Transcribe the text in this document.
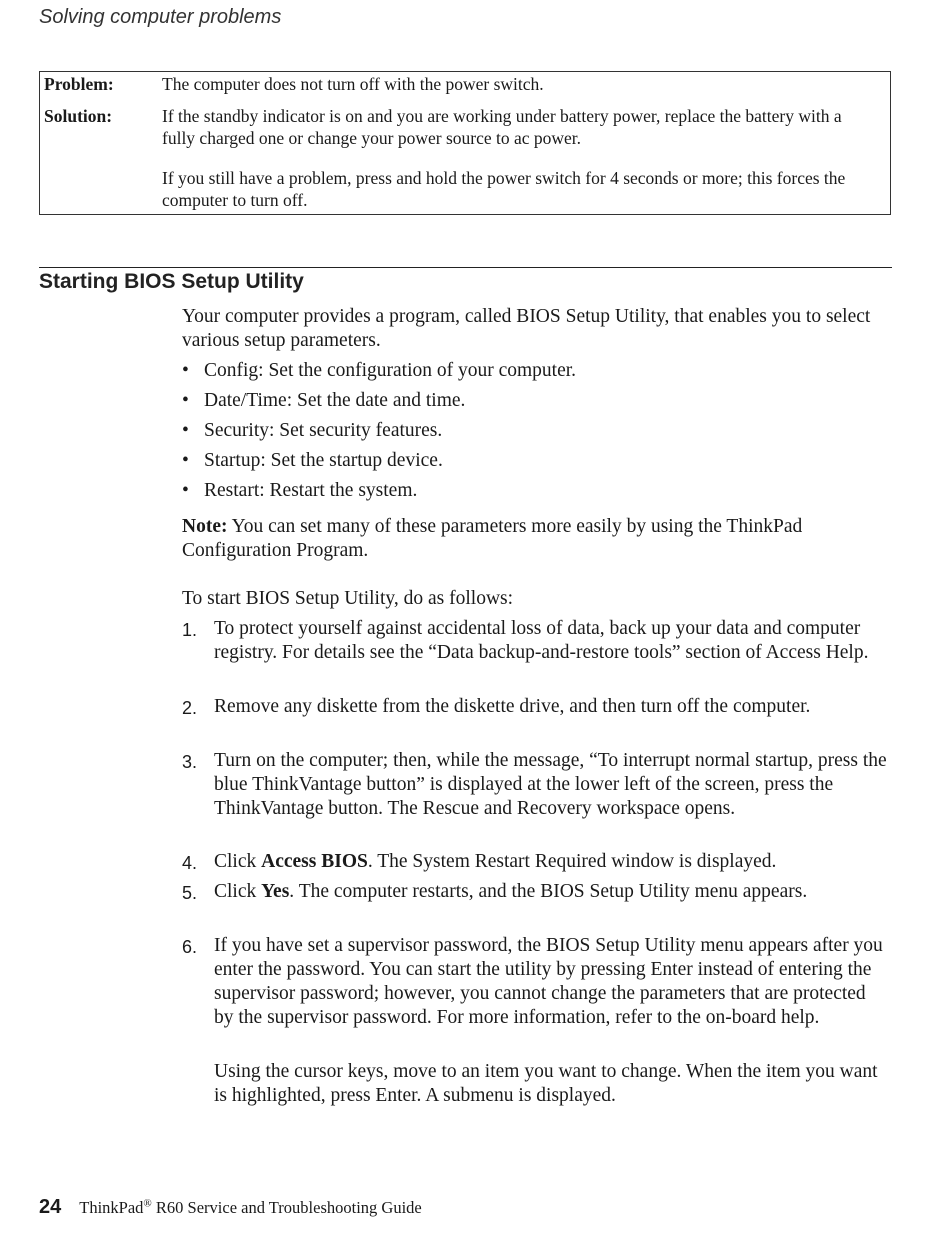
Solving computer problems
Problem:	The computer does not turn off with the power switch.
Solution:	If the standby indicator is on and you are working under battery power, replace the battery with a fully charged one or change your power source to ac power.

If you still have a problem, press and hold the power switch for 4 seconds or more; this forces the computer to turn off.

Starting BIOS Setup Utility

Your computer provides a program, called BIOS Setup Utility, that enables you to select various setup parameters.

• Config: Set the configuration of your computer.
• Date/Time: Set the date and time.
• Security: Set security features.
• Startup: Set the startup device.
• Restart: Restart the system.

Note: You can set many of these parameters more easily by using the ThinkPad Configuration Program.

To start BIOS Setup Utility, do as follows:

1. To protect yourself against accidental loss of data, back up your data and computer registry. For details see the “Data backup-and-restore tools” section of Access Help.
2. Remove any diskette from the diskette drive, and then turn off the computer.
3. Turn on the computer; then, while the message, “To interrupt normal startup, press the blue ThinkVantage button” is displayed at the lower left of the screen, press the ThinkVantage button. The Rescue and Recovery workspace opens.
4. Click Access BIOS. The System Restart Required window is displayed.
5. Click Yes. The computer restarts, and the BIOS Setup Utility menu appears.
6. If you have set a supervisor password, the BIOS Setup Utility menu appears after you enter the password. You can start the utility by pressing Enter instead of entering the supervisor password; however, you cannot change the parameters that are protected by the supervisor password. For more information, refer to the on-board help.
Using the cursor keys, move to an item you want to change. When the item you want is highlighted, press Enter. A submenu is displayed.
24 ThinkPad® R60 Service and Troubleshooting Guide
